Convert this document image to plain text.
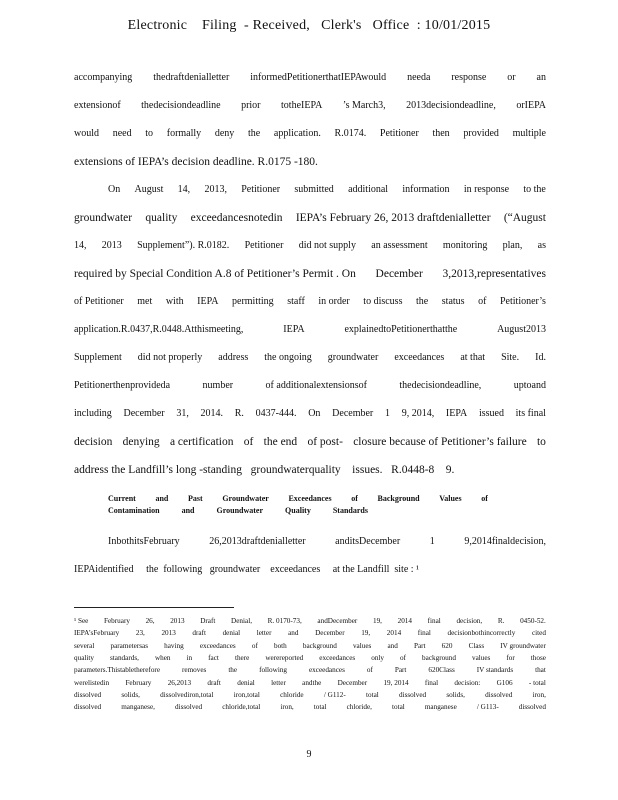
Electronic    Filing  - Received,   Clerk's   Office  : 10/01/2015
accompanying thedraftdenialletter informedPetitionerthatIEPAwould needa response or an
extensionof thedecisiondeadline prior totheIEPA ’s March3, 2013decisiondeadline, orIEPA
would need to formally deny the application. R.0174. Petitioner then provided multiple
extensions of IEPA’s decision deadline. R.0175 -180.
On August 14, 2013, Petitioner submitted additional information in response to the
groundwater quality exceedancesnotedin IEPA’s February 26, 2013 draftdenialletter (“August
14, 2013 Supplement”). R.0182. Petitioner did not supply an assessment monitoring plan, as
required by Special Condition A.8 of Petitioner’s Permit . On December 3,2013,representatives
of Petitioner met with IEPA permitting staff in order to discuss the status of Petitioner’s
application.R.0437,R.0448.Atthismeeting,	IEPA	explainedtoPetitionerthatthe	August2013
Supplement did not properly address the ongoing groundwater exceedances at that Site. Id.
Petitionerthenprovideda	number	of additionalextensionsof	thedecisiondeadline,	uptoand
including December 31, 2014. R. 0437-444. On December 1 9, 2014, IEPA issued its final
decision denying a certification of the end of post- closure because of Petitioner’s failure to
address the Landfill’s long -standing   groundwaterquality    issues.   R.0448-8    9.
Current and Past Groundwater Exceedances of Background Values of
Contamination	and	Groundwater	Quality	Standards
InbothitsFebruary	26,2013draftdenialletter	anditsDecember	1	9,2014finaldecision,
IEPAidentified     the  following   groundwater    exceedances     at the Landfill  site : ¹
¹ See February 26, 2013 Draft Denial, R. 0170-73, andDecember 19, 2014 final decision, R. 0450-52.
IEPA’sFebruary 23, 2013 draft denial letter and December 19, 2014 final decisionbothincorrectly cited
several parametersas having exceedances of both background values and Part 620 Class IV groundwater
quality standards, when in fact there werereported exceedances only of background values for those
parameters.Thistabletherefore	removes	the	following	exceedances	of	Part	620Class	IV standards	that
werelistedin February 26,2013 draft denial letter andthe December 19, 2014 final decision: G106 - total
dissolved	solids,	dissolvediron,total	iron,total	chloride	/ G112-	total	dissolved	solids,	dissolved	iron,
dissolved	manganese,	dissolved	chloride,total	iron,	total	chloride,	total	manganese	/ G113-	dissolved
9
